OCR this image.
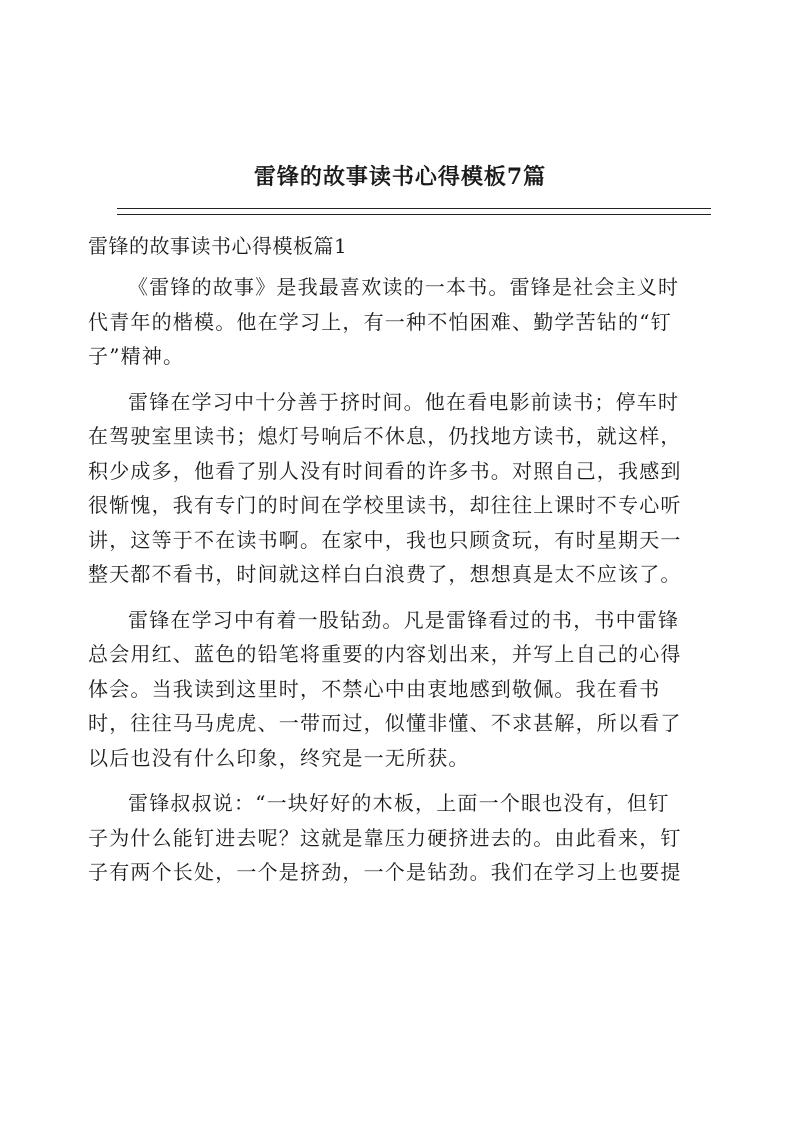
雷锋的故事读书心得模板7篇
雷锋的故事读书心得模板篇1

《雷锋的故事》是我最喜欢读的一本书。雷锋是社会主义时
代青年的楷模。他在学习上，有一种不怕困难、勤学苦钻的“钉
子”精神。

雷锋在学习中十分善于挤时间。他在看电影前读书；停车时
在驾驶室里读书；熄灯号响后不休息，仍找地方读书，就这样，
积少成多，他看了别人没有时间看的许多书。对照自己，我感到
很惭愧，我有专门的时间在学校里读书，却往往上课时不专心听
讲，这等于不在读书啊。在家中，我也只顾贪玩，有时星期天一
整天都不看书，时间就这样白白浪费了，想想真是太不应该了。

雷锋在学习中有着一股钻劲。凡是雷锋看过的书，书中雷锋
总会用红、蓝色的铅笔将重要的内容划出来，并写上自己的心得
体会。当我读到这里时，不禁心中由衷地感到敬佩。我在看书
时，往往马马虎虎、一带而过，似懂非懂、不求甚解，所以看了
以后也没有什么印象，终究是一无所获。

雷锋叔叔说：“一块好好的木板，上面一个眼也没有，但钉
子为什么能钉进去呢？这就是靠压力硬挤进去的。由此看来，钉
子有两个长处，一个是挤劲，一个是钻劲。我们在学习上也要提
